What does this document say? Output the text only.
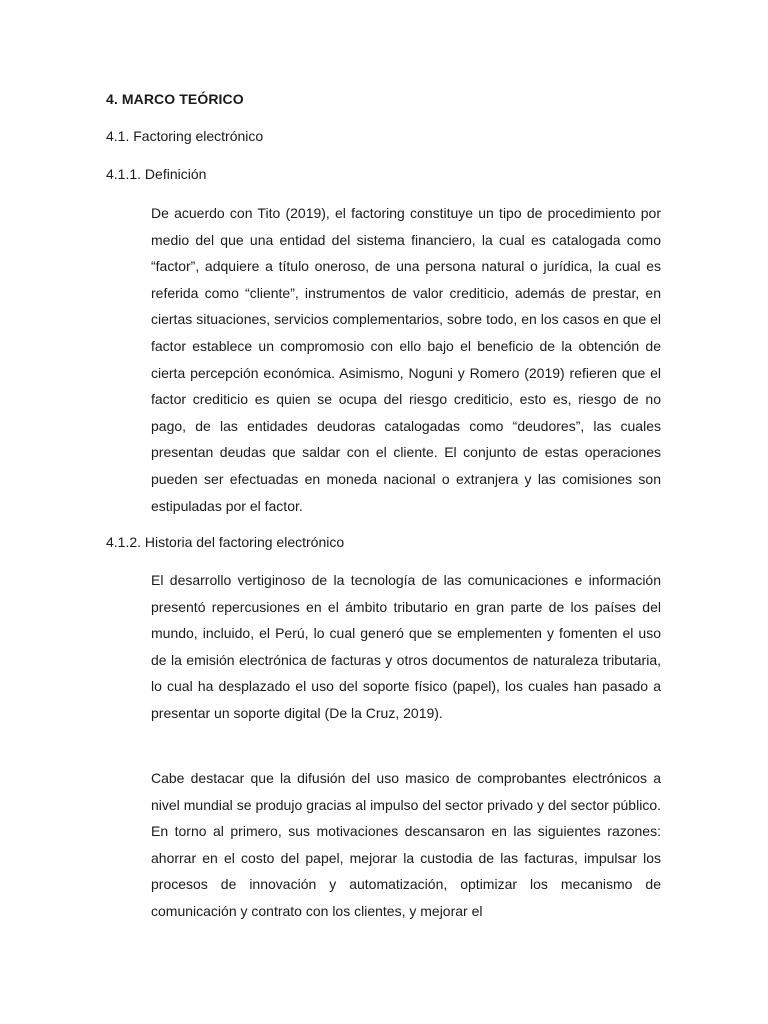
4. MARCO TEÓRICO
4.1. Factoring electrónico
4.1.1. Definición

De acuerdo con Tito (2019), el factoring constituye un tipo de procedimiento por medio del que una entidad del sistema financiero, la cual es catalogada como “factor”, adquiere a título oneroso, de una persona natural o jurídica, la cual es referida como “cliente”, instrumentos de valor crediticio, además de prestar, en ciertas situaciones, servicios complementarios, sobre todo, en los casos en que el factor establece un compromosio con ello bajo el beneficio de la obtención de cierta percepción económica. Asimismo, Noguni y Romero (2019) refieren que el factor crediticio es quien se ocupa del riesgo crediticio, esto es, riesgo de no pago, de las entidades deudoras catalogadas como “deudores”, las cuales presentan deudas que saldar con el cliente. El conjunto de estas operaciones pueden ser efectuadas en moneda nacional o extranjera y las comisiones son estipuladas por el factor.

4.1.2. Historia del factoring electrónico

El desarrollo vertiginoso de la tecnología de las comunicaciones e información presentó repercusiones en el ámbito tributario en gran parte de los países del mundo, incluido, el Perú, lo cual generó que se emplementen y fomenten el uso de la emisión electrónica de facturas y otros documentos de naturaleza tributaria, lo cual ha desplazado el uso del soporte físico (papel), los cuales han pasado a presentar un soporte digital (De la Cruz, 2019).

Cabe destacar que la difusión del uso masico de comprobantes electrónicos a nivel mundial se produjo gracias al impulso del sector privado y del sector público. En torno al primero, sus motivaciones descansaron en las siguientes razones: ahorrar en el costo del papel, mejorar la custodia de las facturas, impulsar los procesos de innovación y automatización, optimizar los mecanismo de comunicación y contrato con los clientes, y mejorar el
